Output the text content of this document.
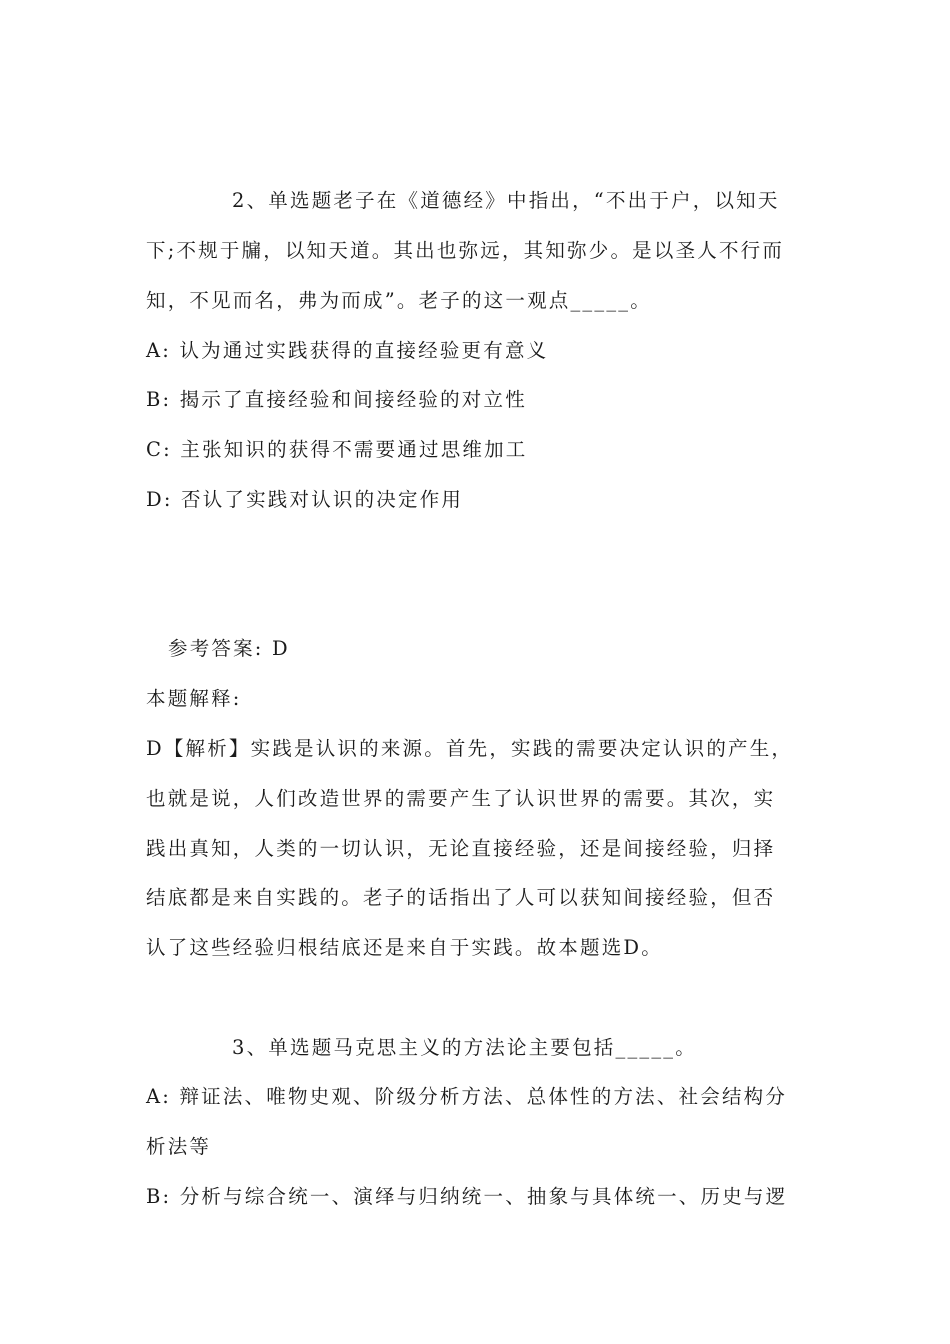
2、单选题老子在《道德经》中指出，“不出于户，以知天
下;不规于牖，以知天道。其出也弥远，其知弥少。是以圣人不行而
知，不见而名，弗为而成”。老子的这一观点_____。
A: 认为通过实践获得的直接经验更有意义
B: 揭示了直接经验和间接经验的对立性
C: 主张知识的获得不需要通过思维加工
D: 否认了实践对认识的决定作用
参考答案: D
本题解释:
D【解析】实践是认识的来源。首先，实践的需要决定认识的产生，
也就是说，人们改造世界的需要产生了认识世界的需要。其次，实
践出真知，人类的一切认识，无论直接经验，还是间接经验，归择
结底都是来自实践的。老子的话指出了人可以获知间接经验，但否
认了这些经验归根结底还是来自于实践。故本题选D。
3、单选题马克思主义的方法论主要包括_____。
A: 辩证法、唯物史观、阶级分析方法、总体性的方法、社会结构分
析法等
B: 分析与综合统一、演绎与归纳统一、抽象与具体统一、历史与逻
